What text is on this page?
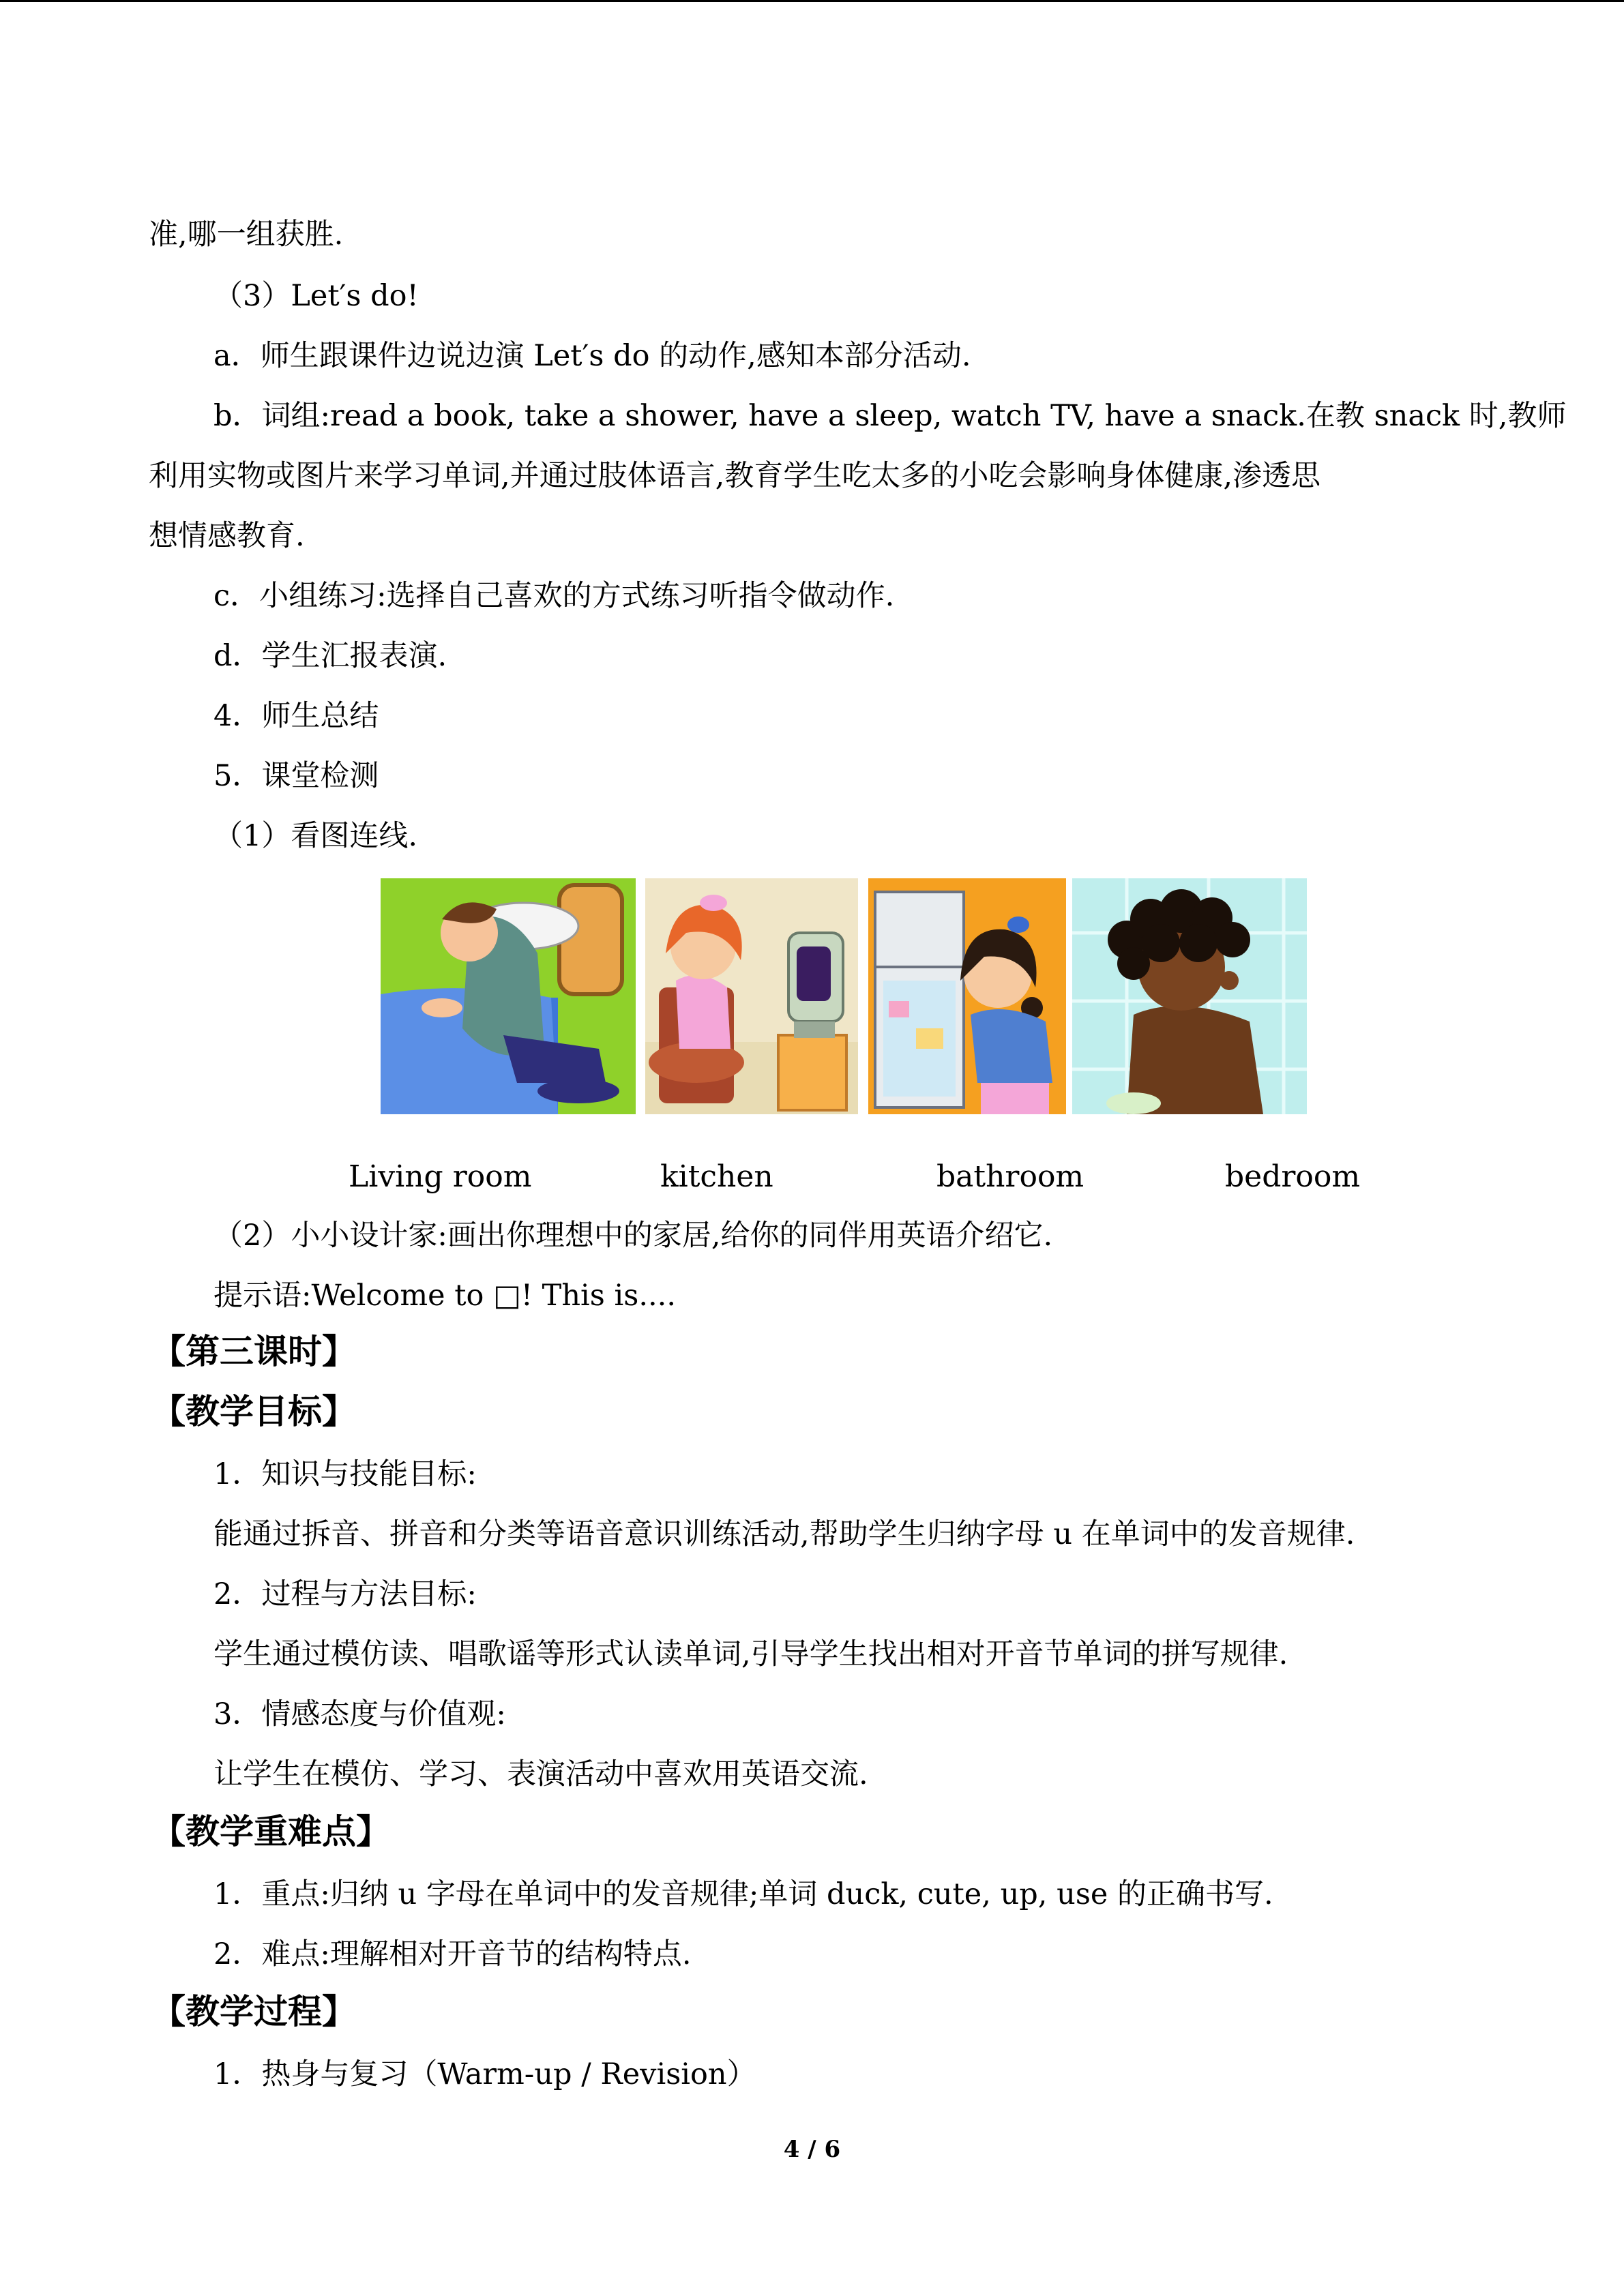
准,哪一组获胜.
（3）Let′s do!
a．师生跟课件边说边演 Let′s do 的动作,感知本部分活动.
b．词组:read a book, take a shower, have a sleep, watch TV, have a snack.在教 snack 时,教师
利用实物或图片来学习单词,并通过肢体语言,教育学生吃太多的小吃会影响身体健康,渗透思
想情感教育.
c．小组练习:选择自己喜欢的方式练习听指令做动作.
d．学生汇报表演.
4．师生总结
5．课堂检测
（1）看图连线.
Living room	kitchen	bathroom	bedroom
（2）小小设计家:画出你理想中的家居,给你的同伴用英语介绍它.
提示语:Welcome to □! This is....
【第三课时】
【教学目标】
1．知识与技能目标:
能通过拆音、拼音和分类等语音意识训练活动,帮助学生归纳字母 u 在单词中的发音规律.
2．过程与方法目标:
学生通过模仿读、唱歌谣等形式认读单词,引导学生找出相对开音节单词的拼写规律.
3．情感态度与价值观:
让学生在模仿、学习、表演活动中喜欢用英语交流.
【教学重难点】
1．重点:归纳 u 字母在单词中的发音规律;单词 duck, cute, up, use 的正确书写.
2．难点:理解相对开音节的结构特点.
【教学过程】
1．热身与复习（Warm-up / Revision）
4 / 6
